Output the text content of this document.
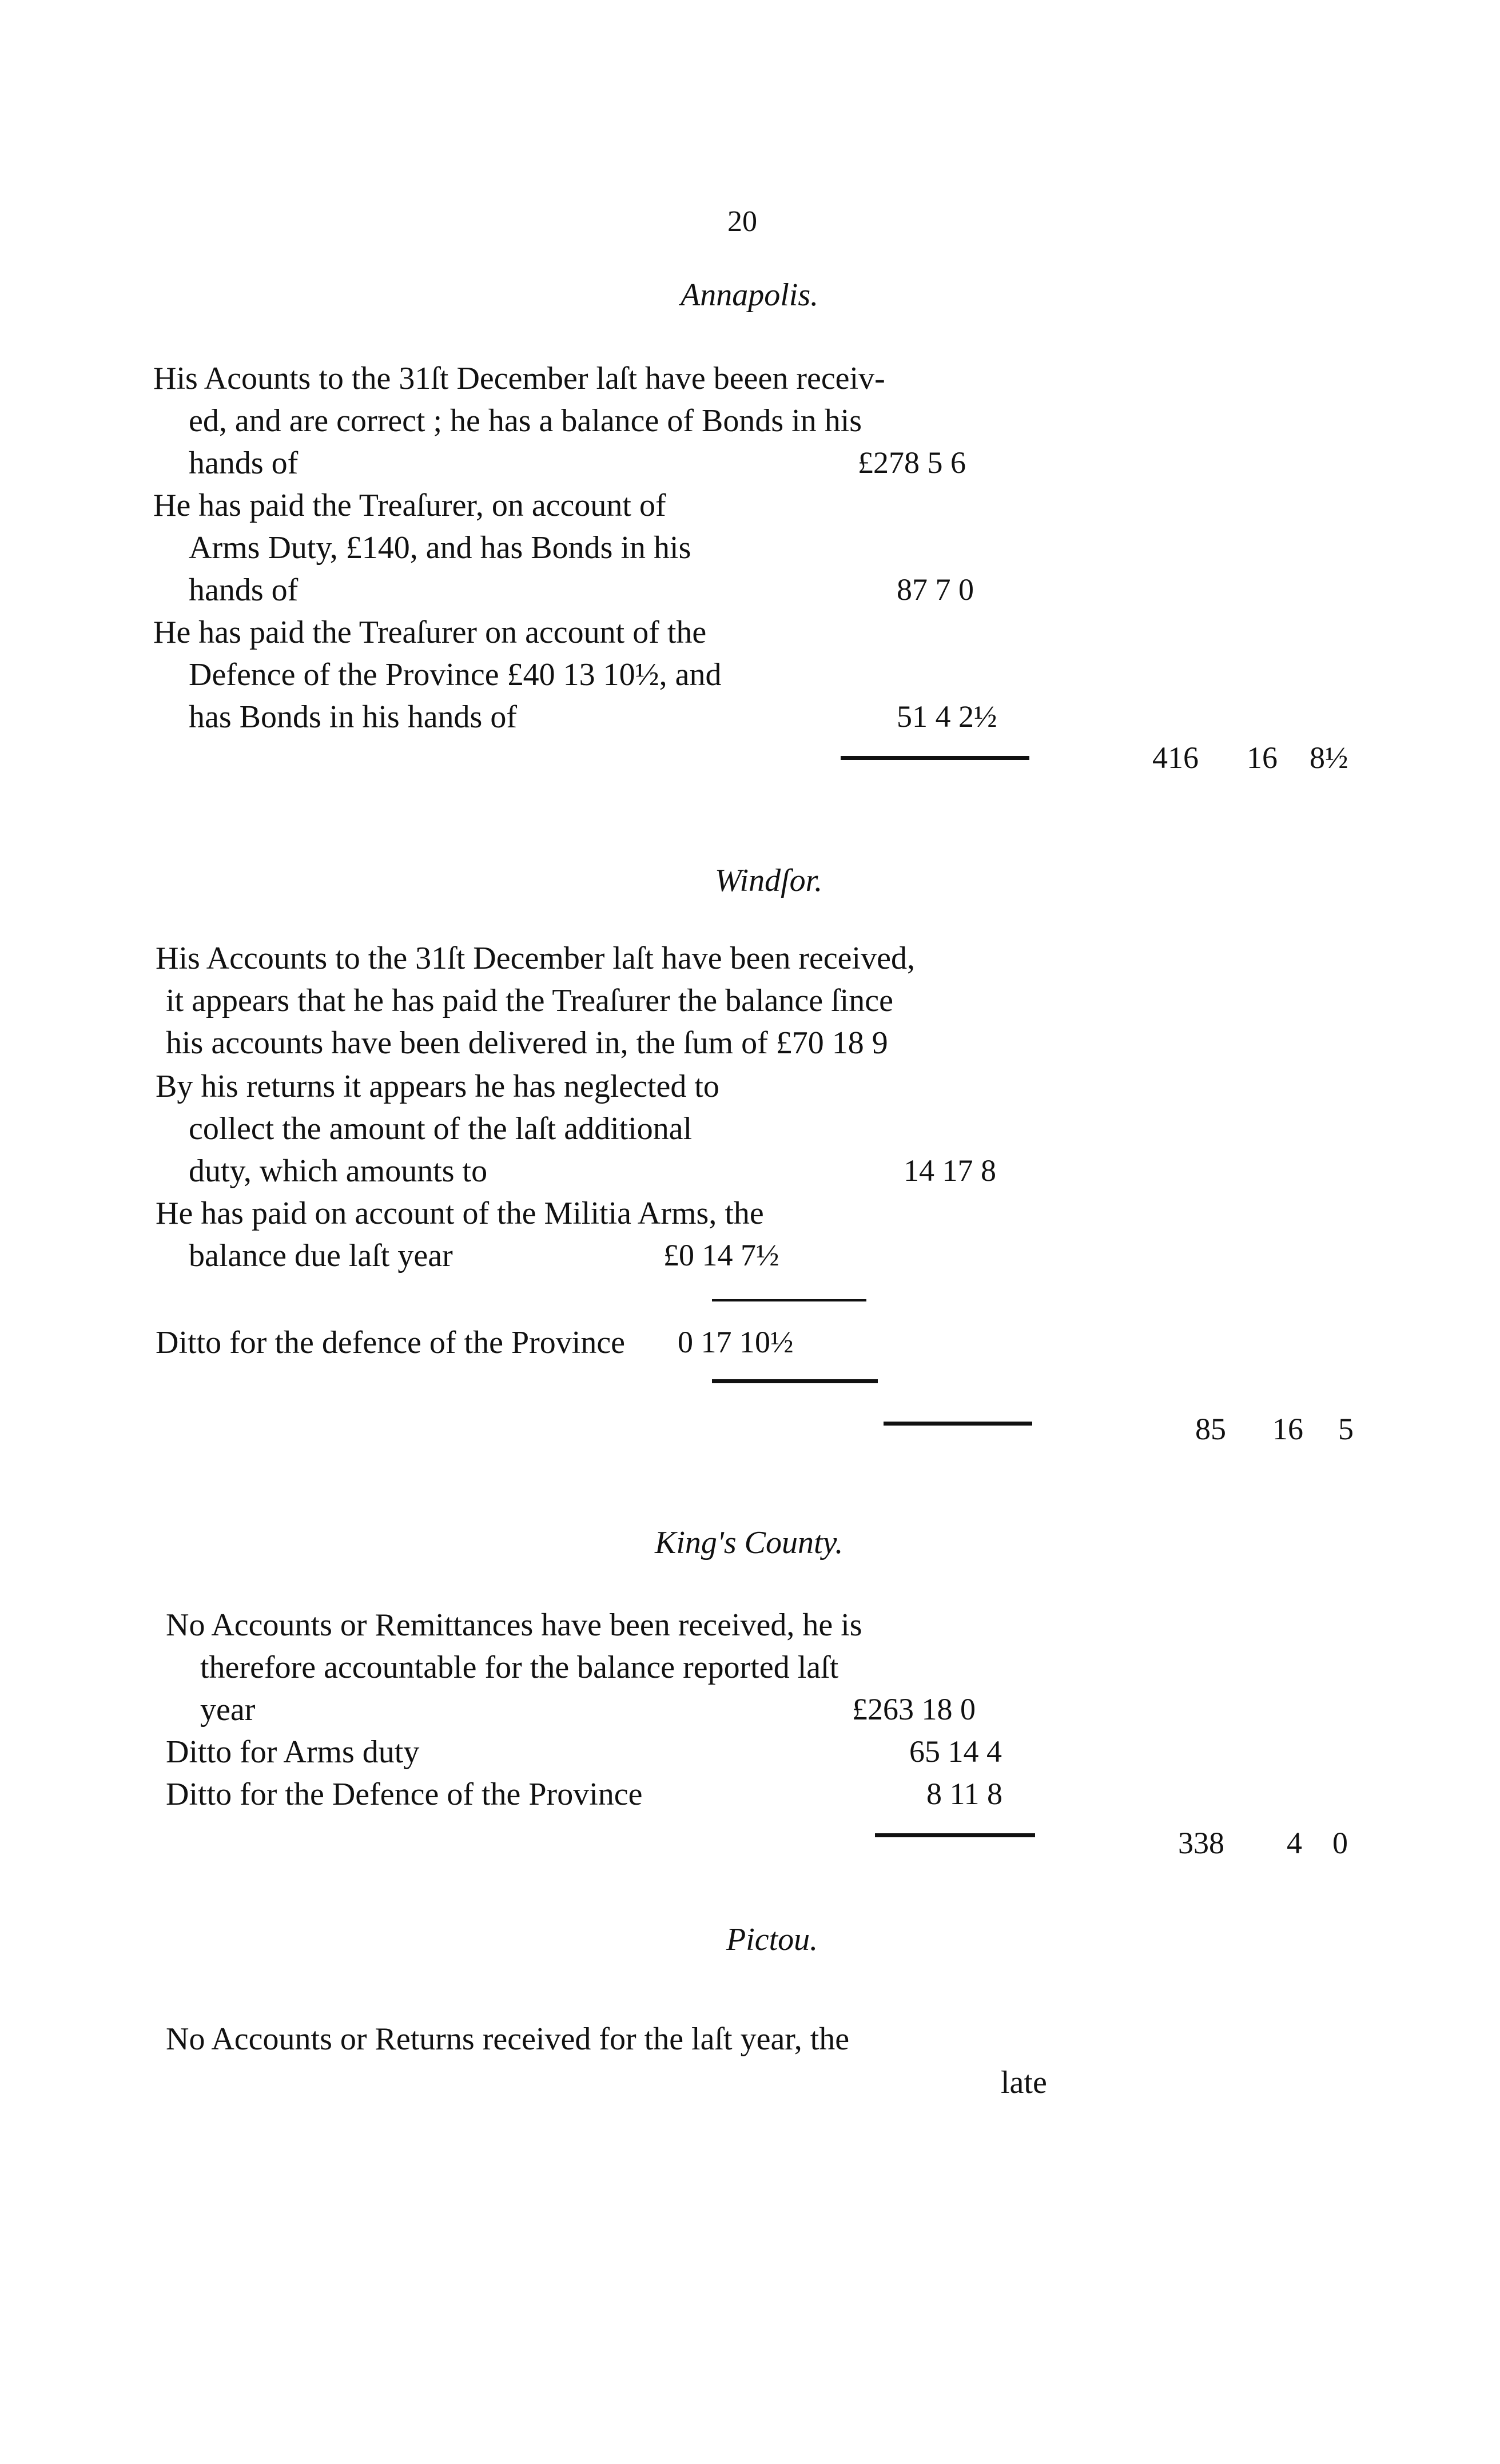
20
Annapolis.
His Acounts to the 31ſt December laſt have beeen receiv-
ed, and are correct ; he has a balance of Bonds in his
hands of	£278 5 6
He has paid the Treaſurer, on account of
Arms Duty, £140, and has Bonds in his
hands of	87 7 0
He has paid the Treaſurer on account of the
Defence of the Province £40 13 10½, and
has Bonds in his hands of	51 4 2½
416 16 8½
Windſor.
His Accounts to the 31ſt December laſt have been received,
it appears that he has paid the Treaſurer the balance ſince
his accounts have been delivered in, the ſum of £70 18 9
By his returns it appears he has neglected to
collect the amount of the laſt additional
duty, which amounts to	14 17 8
He has paid on account of the Militia Arms, the
balance due laſt year	£0 14 7½
Ditto for the defence of the Province 0 17 10½
85 16 5
King's County.
No Accounts or Remittances have been received, he is
therefore accountable for the balance reported laſt
year	£263 18 0
Ditto for Arms duty	65 14 4
Ditto for the Defence of the Province	8 11 8
338 4 0
Pictou.
No Accounts or Returns received for the laſt year, the
late
